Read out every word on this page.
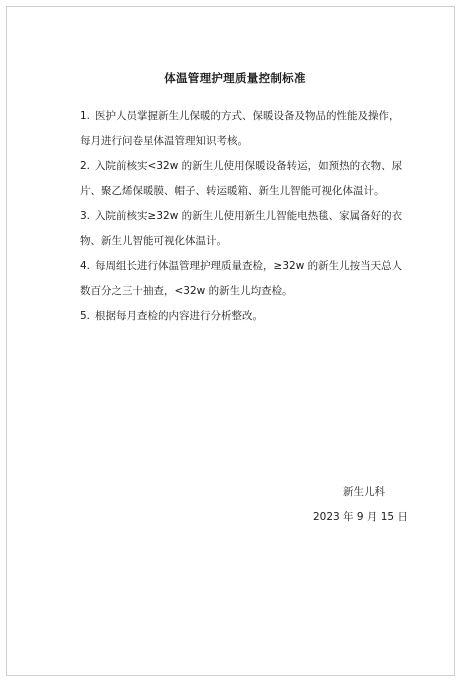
体温管理护理质量控制标准
1. 医护人员掌握新生儿保暖的方式、保暖设备及物品的性能及操作，
每月进行问卷星体温管理知识考核。
2. 入院前核实<32w 的新生儿使用保暖设备转运，如预热的衣物、尿
片、聚乙烯保暖膜、帽子、转运暖箱、新生儿智能可视化体温计。
3. 入院前核实≥32w 的新生儿使用新生儿智能电热毯、家属备好的衣
物、新生儿智能可视化体温计。
4. 每周组长进行体温管理护理质量查检，≥32w 的新生儿按当天总人
数百分之三十抽查，<32w 的新生儿均查检。
5. 根据每月查检的内容进行分析整改。
新生儿科
2023 年 9 月 15 日
